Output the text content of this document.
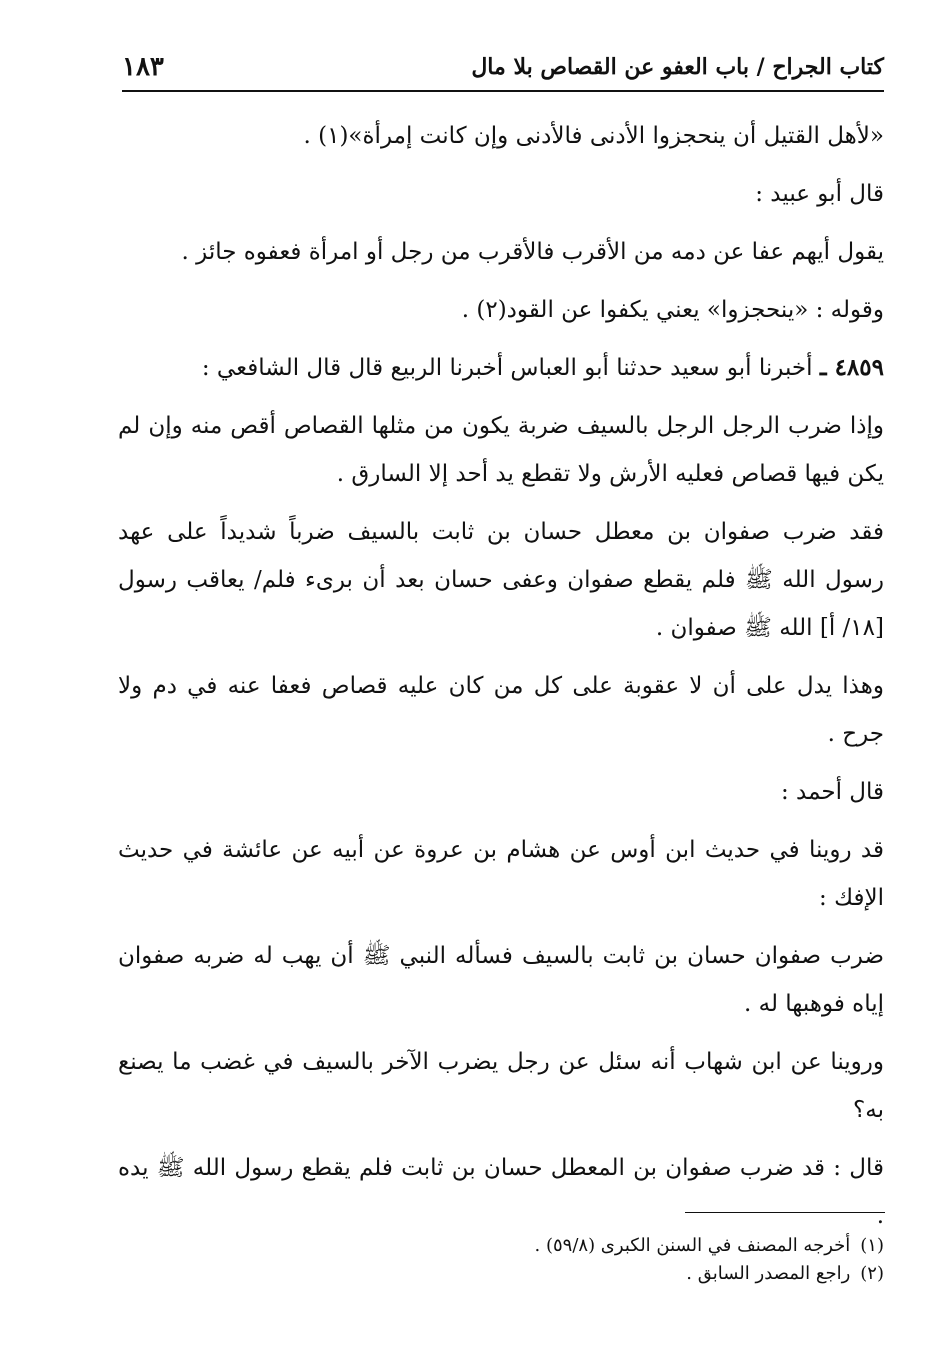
كتاب الجراح / باب العفو عن القصاص بلا مال
١٨٣

«لأهل القتيل أن ينحجزوا الأدنى فالأدنى وإن كانت إمرأة»(١) .

قال أبو عبيد :

يقول أيهم عفا عن دمه من الأقرب فالأقرب من رجل أو امرأة فعفوه جائز .

وقوله : «ينحجزوا» يعني يكفوا عن القود(٢) .

٤٨٥٩ ـ أخبرنا أبو سعيد حدثنا أبو العباس أخبرنا الربيع قال قال الشافعي :

وإذا ضرب الرجل الرجل بالسيف ضربة يكون من مثلها القصاص أقص منه وإن لم يكن فيها قصاص فعليه الأرش ولا تقطع يد أحد إلا السارق .

فقد ضرب صفوان بن معطل حسان بن ثابت بالسيف ضرباً شديداً على عهد رسول الله ﷺ فلم يقطع صفوان وعفى حسان بعد أن برىء فلم/ يعاقب رسول [١٨/ أ] الله ﷺ صفوان .

وهذا يدل على أن لا عقوبة على كل من كان عليه قصاص فعفا عنه في دم ولا جرح .

قال أحمد :

قد روينا في حديث ابن أوس عن هشام بن عروة عن أبيه عن عائشة في حديث الإفك :

ضرب صفوان حسان بن ثابت بالسيف فسأله النبي ﷺ أن يهب له ضربه صفوان إياه فوهبها له .

وروينا عن ابن شهاب أنه سئل عن رجل يضرب الآخر بالسيف في غضب ما يصنع به؟

قال : قد ضرب صفوان بن المعطل حسان بن ثابت فلم يقطع رسول الله ﷺ يده .

(١)
أخرجه المصنف في السنن الكبرى (٥٩/٨) .
(٢)
راجع المصدر السابق .
